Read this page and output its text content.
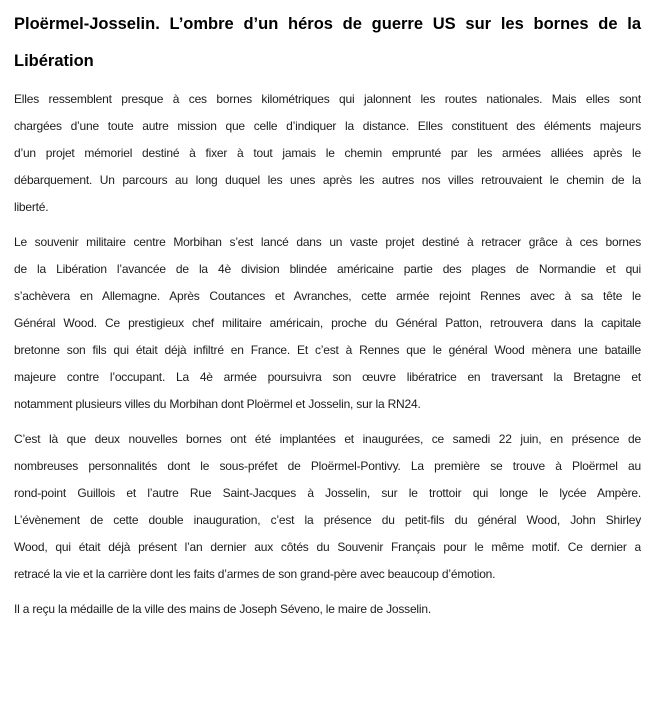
Ploërmel-Josselin. L’ombre d’un héros de guerre US sur les bornes de la
Libération
Elles ressemblent presque à ces bornes kilométriques qui jalonnent les routes nationales. Mais elles sont
chargées d’une toute autre mission que celle d’indiquer la distance. Elles constituent des éléments majeurs
d’un projet mémoriel destiné à fixer à tout jamais le chemin emprunté par les armées alliées après le
débarquement. Un parcours au long duquel les unes après les autres nos villes retrouvaient le chemin de la
liberté.
Le souvenir militaire centre Morbihan s’est lancé dans un vaste projet destiné à retracer grâce à ces bornes
de la Libération l’avancée de la 4è division blindée américaine partie des plages de Normandie et qui
s’achèvera en Allemagne. Après Coutances et Avranches, cette armée rejoint Rennes avec à sa tête le
Général Wood. Ce prestigieux chef militaire américain, proche du Général Patton, retrouvera dans la capitale
bretonne son fils qui était déjà infiltré en France. Et c’est à Rennes que le général Wood mènera une bataille
majeure contre l’occupant. La 4è armée poursuivra son œuvre libératrice en traversant la Bretagne et
notamment plusieurs villes du Morbihan dont Ploërmel et Josselin, sur la RN24.
C’est là que deux nouvelles bornes ont été implantées et inaugurées, ce samedi 22 juin, en présence de
nombreuses personnalités dont le sous-préfet de Ploërmel-Pontivy. La première se trouve à Ploërmel au
rond-point Guillois et l’autre Rue Saint-Jacques à Josselin, sur le trottoir qui longe le lycée Ampère.
L’évènement de cette double inauguration, c’est la présence du petit-fils du général Wood, John Shirley
Wood, qui était déjà présent l’an dernier aux côtés du Souvenir Français pour le même motif. Ce dernier a
retracé la vie et la carrière dont les faits d’armes de son grand-père avec beaucoup d’émotion.
Il a reçu la médaille de la ville des mains de Joseph Séveno, le maire de Josselin.
